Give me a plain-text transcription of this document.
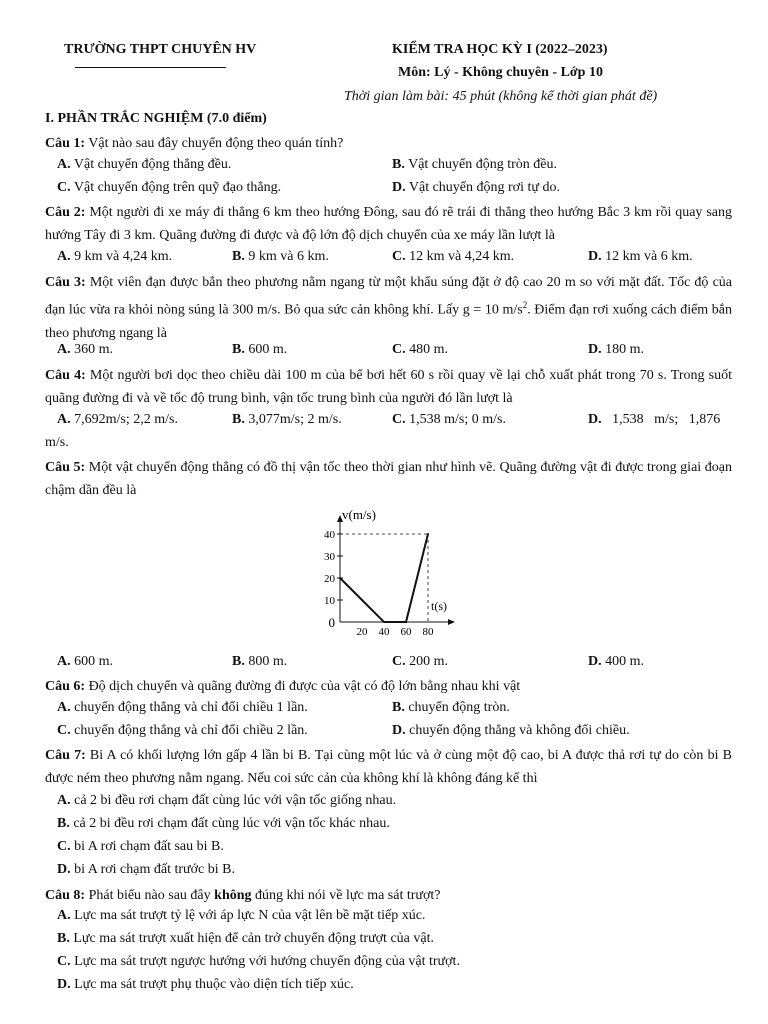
TRƯỜNG THPT CHUYÊN HV	KIỂM TRA HỌC KỲ I (2022–2023)
Môn: Lý - Không chuyên - Lớp 10
Thời gian làm bài: 45 phút (không kể thời gian phát đề)
I. PHẦN TRẮC NGHIỆM (7.0 điểm)
Câu 1: Vật nào sau đây chuyển động theo quán tính?
A. Vật chuyển động thẳng đều.	B. Vật chuyển động tròn đều.
C. Vật chuyển động trên quỹ đạo thẳng.	D. Vật chuyển động rơi tự do.
Câu 2: Một người đi xe máy đi thẳng 6 km theo hướng Đông, sau đó rẽ trái đi thẳng theo hướng Bắc 3 km rồi quay sang hướng Tây đi 3 km. Quãng đường đi được và độ lớn độ dịch chuyển của xe máy lần lượt là
A. 9 km và 4,24 km.	B. 9 km và 6 km.	C. 12 km và 4,24 km.	D. 12 km và 6 km.
Câu 3: Một viên đạn được bắn theo phương nằm ngang từ một khẩu súng đặt ở độ cao 20 m so với mặt đất. Tốc độ của đạn lúc vừa ra khỏi nòng súng là 300 m/s. Bỏ qua sức cản không khí. Lấy g = 10 $m/s^2$. Điểm đạn rơi xuống cách điểm bắn theo phương ngang là
A. 360 m.	B. 600 m.	C. 480 m.	D. 180 m.
Câu 4: Một người bơi dọc theo chiều dài 100 m của bể bơi hết 60 s rồi quay về lại chỗ xuất phát trong 70 s. Trong suốt quãng đường đi và về tốc độ trung bình, vận tốc trung bình của người đó lần lượt là
A. 7,692m/s; 2,2 m/s.	B. 3,077m/s; 2 m/s.	C. 1,538 m/s; 0 m/s.	D.   1,538   m/s;   1,876
m/s.
Câu 5: Một vật chuyển động thẳng có đồ thị vận tốc theo thời gian như hình vẽ. Quãng đường vật đi được trong giai đoạn chậm dần đều là
v(m/s)
t(s)
40
30
20
10
0
20 40 60 80
A. 600 m.	B. 800 m.	C. 200 m.	D. 400 m.
Câu 6: Độ dịch chuyển và quãng đường đi được của vật có độ lớn bằng nhau khi vật
A. chuyển động thẳng và chỉ đổi chiều 1 lần.	B. chuyển động tròn.
C. chuyển động thẳng và chỉ đổi chiều 2 lần.	D. chuyển động thẳng và không đổi chiều.
Câu 7: Bi A có khối lượng lớn gấp 4 lần bi B. Tại cùng một lúc và ở cùng một độ cao, bi A được thả rơi tự do còn bi B được ném theo phương nằm ngang. Nếu coi sức cản của không khí là không đáng kể thì
A. cả 2 bi đều rơi chạm đất cùng lúc với vận tốc giống nhau.
B. cả 2 bi đều rơi chạm đất cùng lúc với vận tốc khác nhau.
C. bi A rơi chạm đất sau bi B.
D. bi A rơi chạm đất trước bi B.
Câu 8: Phát biểu nào sau đây không đúng khi nói về lực ma sát trượt?
A. Lực ma sát trượt tỷ lệ với áp lực N của vật lên bề mặt tiếp xúc.
B. Lực ma sát trượt xuất hiện để cản trở chuyển động trượt của vật.
C. Lực ma sát trượt ngược hướng với hướng chuyển động của vật trượt.
D. Lực ma sát trượt phụ thuộc vào diện tích tiếp xúc.
